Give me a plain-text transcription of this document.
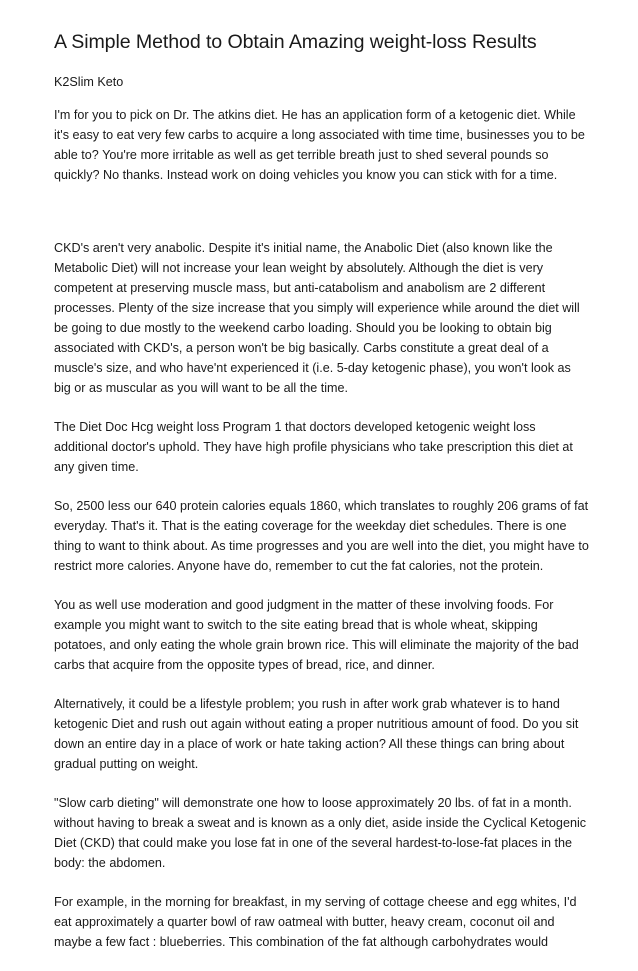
A Simple Method to Obtain Amazing weight-loss Results
K2Slim Keto

I'm for you to pick on Dr. The atkins diet. He has an application form of a ketogenic diet. While it's easy to eat very few carbs to acquire a long associated with time time, businesses you to be able to? You're more irritable as well as get terrible breath just to shed several pounds so quickly? No thanks. Instead work on doing vehicles you know you can stick with for a time.

CKD's aren't very anabolic. Despite it's initial name, the Anabolic Diet (also known like the Metabolic Diet) will not increase your lean weight by absolutely. Although the diet is very competent at preserving muscle mass, but anti-catabolism and anabolism are 2 different processes. Plenty of the size increase that you simply will experience while around the diet will be going to due mostly to the weekend carbo loading. Should you be looking to obtain big associated with CKD's, a person won't be big basically. Carbs constitute a great deal of a muscle's size, and who have'nt experienced it (i.e. 5-day ketogenic phase), you won't look as big or as muscular as you will want to be all the time.

The Diet Doc Hcg weight loss Program 1 that doctors developed ketogenic weight loss additional doctor's uphold. They have high profile physicians who take prescription this diet at any given time.

So, 2500 less our 640 protein calories equals 1860, which translates to roughly 206 grams of fat everyday. That's it. That is the eating coverage for the weekday diet schedules. There is one thing to want to think about. As time progresses and you are well into the diet, you might have to restrict more calories. Anyone have do, remember to cut the fat calories, not the protein.

You as well use moderation and good judgment in the matter of these involving foods. For example you might want to switch to the site eating bread that is whole wheat, skipping potatoes, and only eating the whole grain brown rice. This will eliminate the majority of the bad carbs that acquire from the opposite types of bread, rice, and dinner.

Alternatively, it could be a lifestyle problem; you rush in after work grab whatever is to hand ketogenic Diet and rush out again without eating a proper nutritious amount of food. Do you sit down an entire day in a place of work or hate taking action? All these things can bring about gradual putting on weight.

"Slow carb dieting" will demonstrate one how to loose approximately 20 lbs. of fat in a month. without having to break a sweat and is known as a only diet, aside inside the Cyclical Ketogenic Diet (CKD) that could make you lose fat in one of the several hardest-to-lose-fat places in the body: the abdomen.

For example, in the morning for breakfast, in my serving of cottage cheese and egg whites, I'd eat approximately a quarter bowl of raw oatmeal with butter, heavy cream, coconut oil and maybe a few fact : blueberries. This combination of the fat although carbohydrates would
